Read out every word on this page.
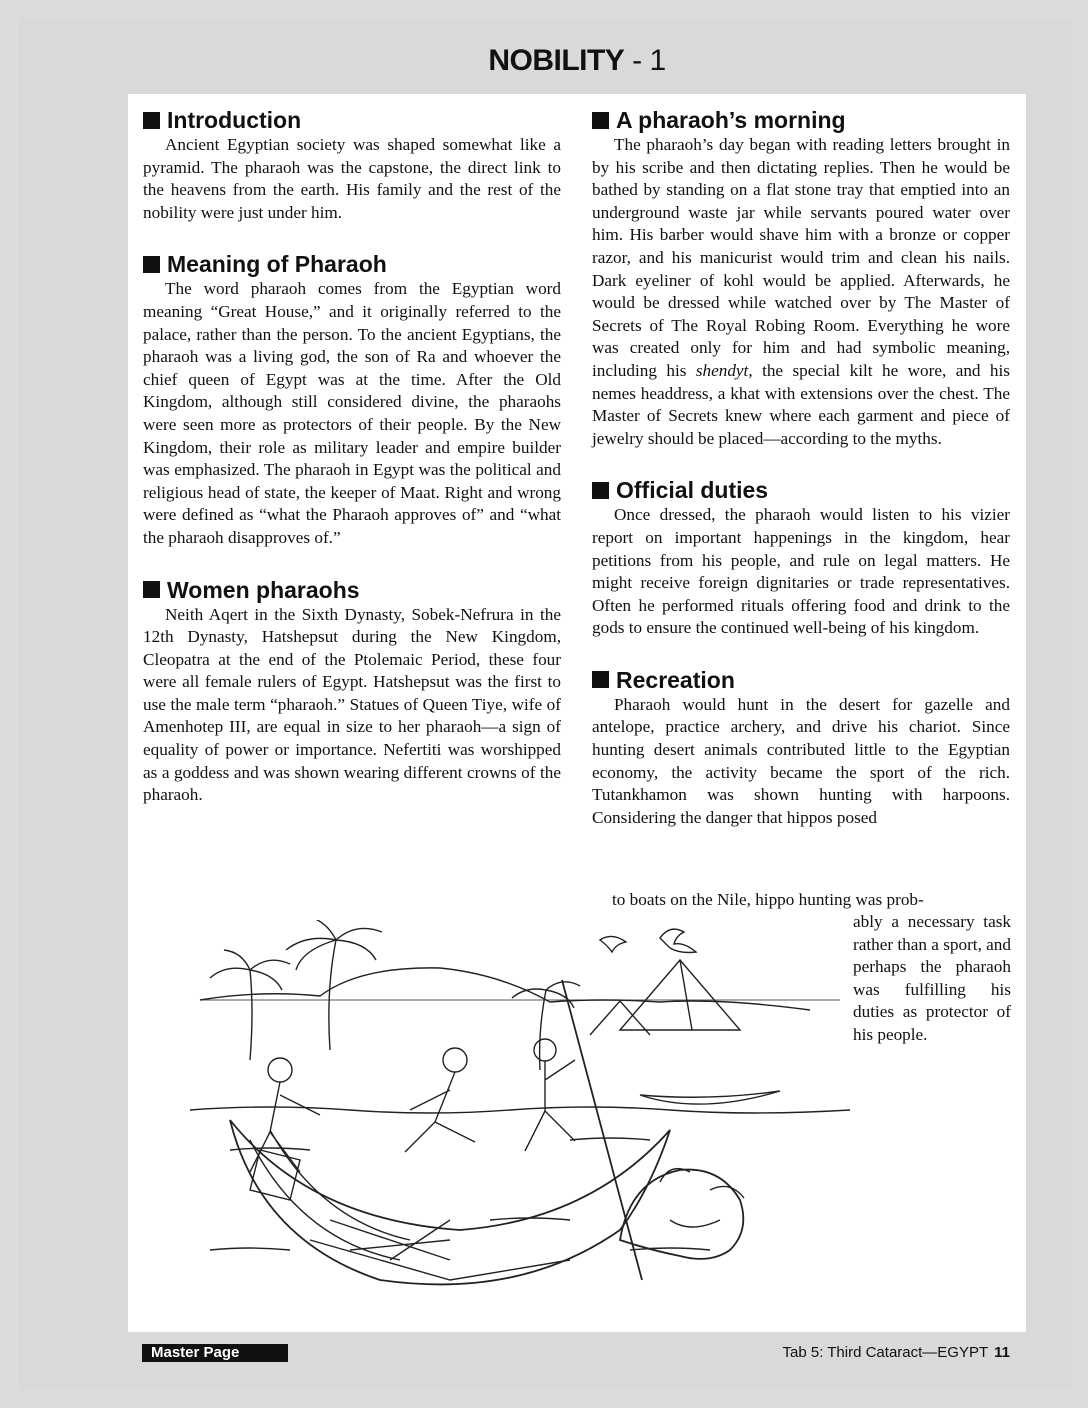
NOBILITY - 1
Introduction

Ancient Egyptian society was shaped somewhat like a pyramid. The pharaoh was the capstone, the direct link to the heavens from the earth. His family and the rest of the nobility were just under him.

Meaning of Pharaoh

The word pharaoh comes from the Egyptian word meaning “Great House,” and it originally referred to the palace, rather than the person. To the ancient Egyptians, the pharaoh was a living god, the son of Ra and whoever the chief queen of Egypt was at the time. After the Old Kingdom, although still considered divine, the pharaohs were seen more as protectors of their people. By the New Kingdom, their role as military leader and empire builder was emphasized. The pharaoh in Egypt was the political and religious head of state, the keeper of Maat. Right and wrong were defined as “what the Pharaoh approves of” and “what the pharaoh disapproves of.”

Women pharaohs

Neith Aqert in the Sixth Dynasty, Sobek-Nefrura in the 12th Dynasty, Hatshepsut during the New Kingdom, Cleopatra at the end of the Ptolemaic Period, these four were all female rulers of Egypt. Hatshepsut was the first to use the male term “pharaoh.” Statues of Queen Tiye, wife of Amenhotep III, are equal in size to her pharaoh—a sign of equality of power or importance. Nefertiti was worshipped as a goddess and was shown wearing different crowns of the pharaoh.

A pharaoh’s morning

The pharaoh’s day began with reading letters brought in by his scribe and then dictating replies. Then he would be bathed by standing on a flat stone tray that emptied into an underground waste jar while servants poured water over him. His barber would shave him with a bronze or copper razor, and his manicurist would trim and clean his nails. Dark eyeliner of kohl would be applied. Afterwards, he would be dressed while watched over by The Master of Secrets of The Royal Robing Room. Everything he wore was created only for him and had symbolic meaning, including his shendyt, the special kilt he wore, and his nemes headdress, a khat with extensions over the chest. The Master of Secrets knew where each garment and piece of jewelry should be placed—according to the myths.

Official duties

Once dressed, the pharaoh would listen to his vizier report on important happenings in the kingdom, hear petitions from his people, and rule on legal matters. He might receive foreign dignitaries or trade representatives. Often he performed rituals offering food and drink to the gods to ensure the continued well-being of his kingdom.

Recreation

Pharaoh would hunt in the desert for gazelle and antelope, practice archery, and drive his chariot. Since hunting desert animals contributed little to the Egyptian economy, the activity became the sport of the rich. Tutankhamon was shown hunting with harpoons. Considering the danger that hippos posed

to boats on the Nile, hippo hunting was prob-
ably a necessary task rather than a sport, and perhaps the pharaoh was fulfilling his duties as protector of his people.
Master Page	Tab 5: Third Cataract—EGYPT 11
